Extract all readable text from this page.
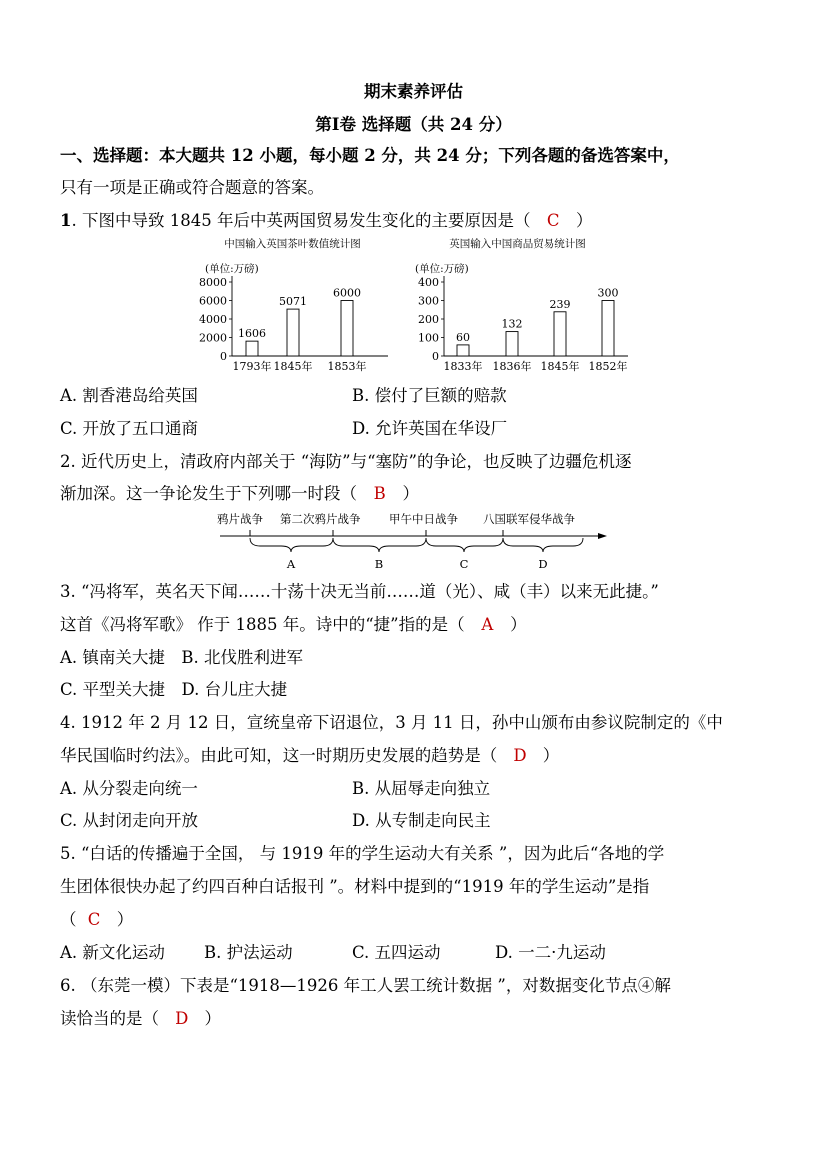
期末素养评估
第Ⅰ卷 选择题（共 24 分）
一、选择题：本大题共 12 小题，每小题 2 分，共 24 分；下列各题的备选答案中，
只有一项是正确或符合题意的答案。
1. 下图中导致 1845 年后中英两国贸易发生变化的主要原因是（ C ）
中国输入英国茶叶数值统计图
(单位:万磅)
8000
6000
4000
2000
0
1606
1793年
5071
1845年
6000
1853年
英国输入中国商品贸易统计图
(单位:万磅)
400
300
200
100
0
60
1833年
132
1836年
239
1845年
300
1852年
A. 割香港岛给英国	B. 偿付了巨额的赔款
C. 开放了五口通商	D. 允许英国在华设厂
2. 近代历史上，清政府内部关于 “海防”与“塞防”的争论，也反映了边疆危机逐
渐加深。这一争论发生于下列哪一时段（ B ）
鸦片战争 第二次鸦片战争 甲午中日战争 八国联军侵华战争
A	B	C	D
3. “冯将军，英名天下闻……十荡十决无当前……道（光）、咸（丰）以来无此捷。”
这首《冯将军歌》 作于 1885 年。诗中的“捷”指的是（ A ）
A. 镇南关大捷　B. 北伐胜利进军
C. 平型关大捷　D. 台儿庄大捷
4. 1912 年 2 月 12 日，宣统皇帝下诏退位，3 月 11 日，孙中山颁布由参议院制定的《中
华民国临时约法》。由此可知，这一时期历史发展的趋势是（ D ）
A. 从分裂走向统一	B. 从屈辱走向独立
C. 从封闭走向开放	D. 从专制走向民主
5. “白话的传播遍于全国， 与 1919 年的学生运动大有关系 ”，因为此后“各地的学
生团体很快办起了约四百种白话报刊 ”。材料中提到的“1919 年的学生运动”是指
（ C ）
A. 新文化运动 B. 护法运动	C. 五四运动	D. 一二·九运动
6. （东莞一模）下表是“1918—1926 年工人罢工统计数据 ”，对数据变化节点④解
读恰当的是（ D ）
